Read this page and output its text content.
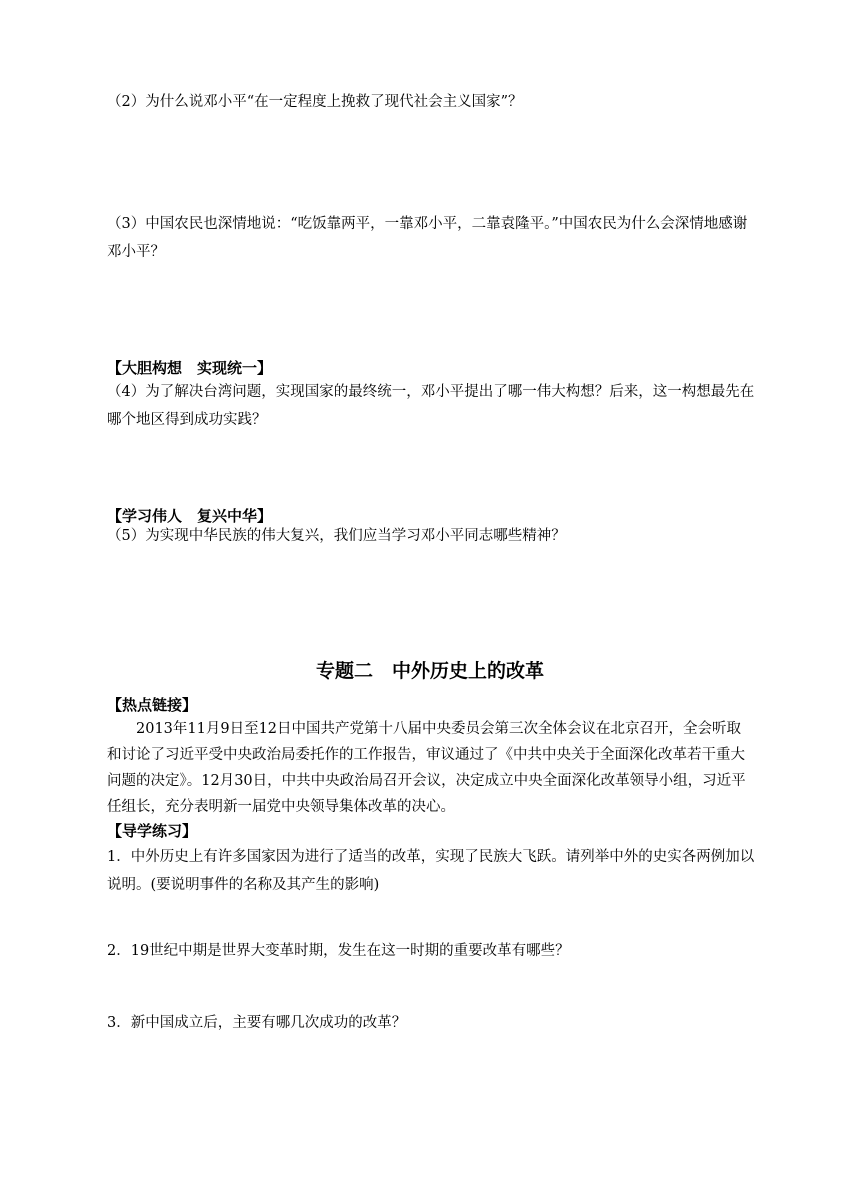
（2）为什么说邓小平“在一定程度上挽救了现代社会主义国家”？
（3）中国农民也深情地说：“吃饭靠两平，一靠邓小平，二靠袁隆平。”中国农民为什么会深情地感谢邓小平？
【大胆构想　实现统一】
（4）为了解决台湾问题，实现国家的最终统一，邓小平提出了哪一伟大构想？后来，这一构想最先在哪个地区得到成功实践？
【学习伟人　复兴中华】
（5）为实现中华民族的伟大复兴，我们应当学习邓小平同志哪些精神？
专题二　中外历史上的改革
【热点链接】
2013年11月9日至12日中国共产党第十八届中央委员会第三次全体会议在北京召开，全会听取和讨论了习近平受中央政治局委托作的工作报告，审议通过了《中共中央关于全面深化改革若干重大问题的决定》。12月30日，中共中央政治局召开会议，决定成立中央全面深化改革领导小组，习近平任组长，充分表明新一届党中央领导集体改革的决心。
【导学练习】
1．中外历史上有许多国家因为进行了适当的改革，实现了民族大飞跃。请列举中外的史实各两例加以说明。(要说明事件的名称及其产生的影响)
2．19世纪中期是世界大变革时期，发生在这一时期的重要改革有哪些？
3．新中国成立后，主要有哪几次成功的改革？
